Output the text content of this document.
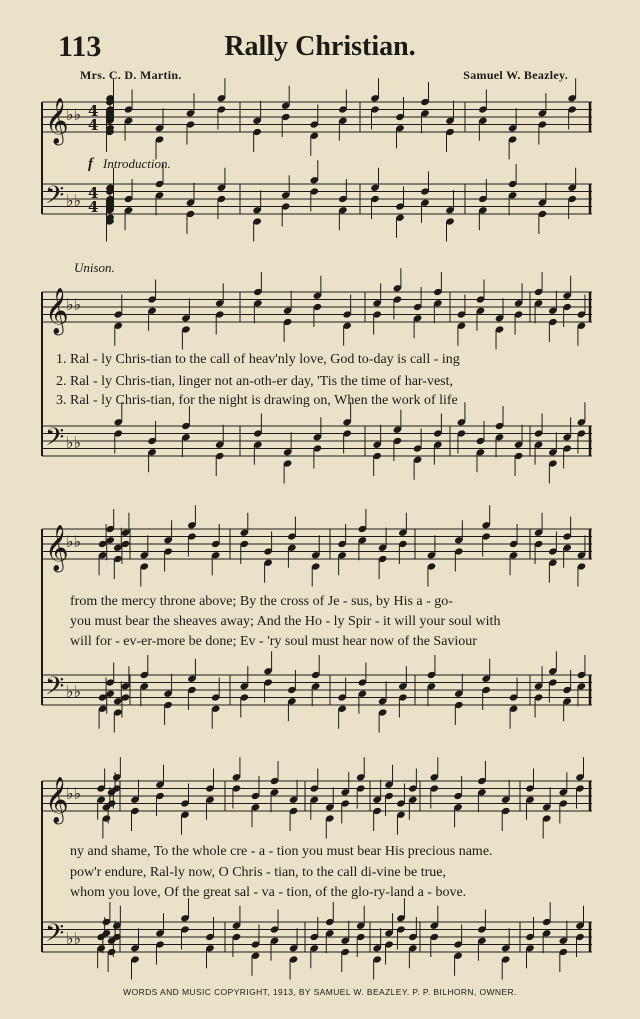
113	Rally Christian.
Mrs. C. D. Martin.	Samuel W. Beazley.
𝄞
♭♭
4
4
𝄢 ♭♭ 4
4
𝄞
♭♭
𝄢 ♭♭
𝄞
♭♭
𝄢 ♭♭
𝄞
♭♭
𝄢 ♭♭
f Introduction.
Unison.
1. Ral - ly Chris-tian to the call of heav'nly love, God to-day is call - ing
2. Ral - ly Chris-tian, linger not an-oth-er day, 'Tis the time of har-vest,
3. Ral - ly Chris-tian, for the night is drawing on, When the work of life
from the mercy throne above; By the cross of Je - sus, by His a - go-
you must bear the sheaves away; And the Ho - ly Spir - it will your soul with
will for - ev-er-more be done; Ev - 'ry soul must hear now of the Saviour
ny and shame, To the whole cre - a - tion you must bear His precious name.
pow'r endure, Ral-ly now, O Chris - tian, to the call di-vine be true,
whom you love, Of the great sal - va - tion, of the glo-ry-land a - bove.
WORDS AND MUSIC COPYRIGHT, 1913, BY SAMUEL W. BEAZLEY. P. P. BILHORN, OWNER.
